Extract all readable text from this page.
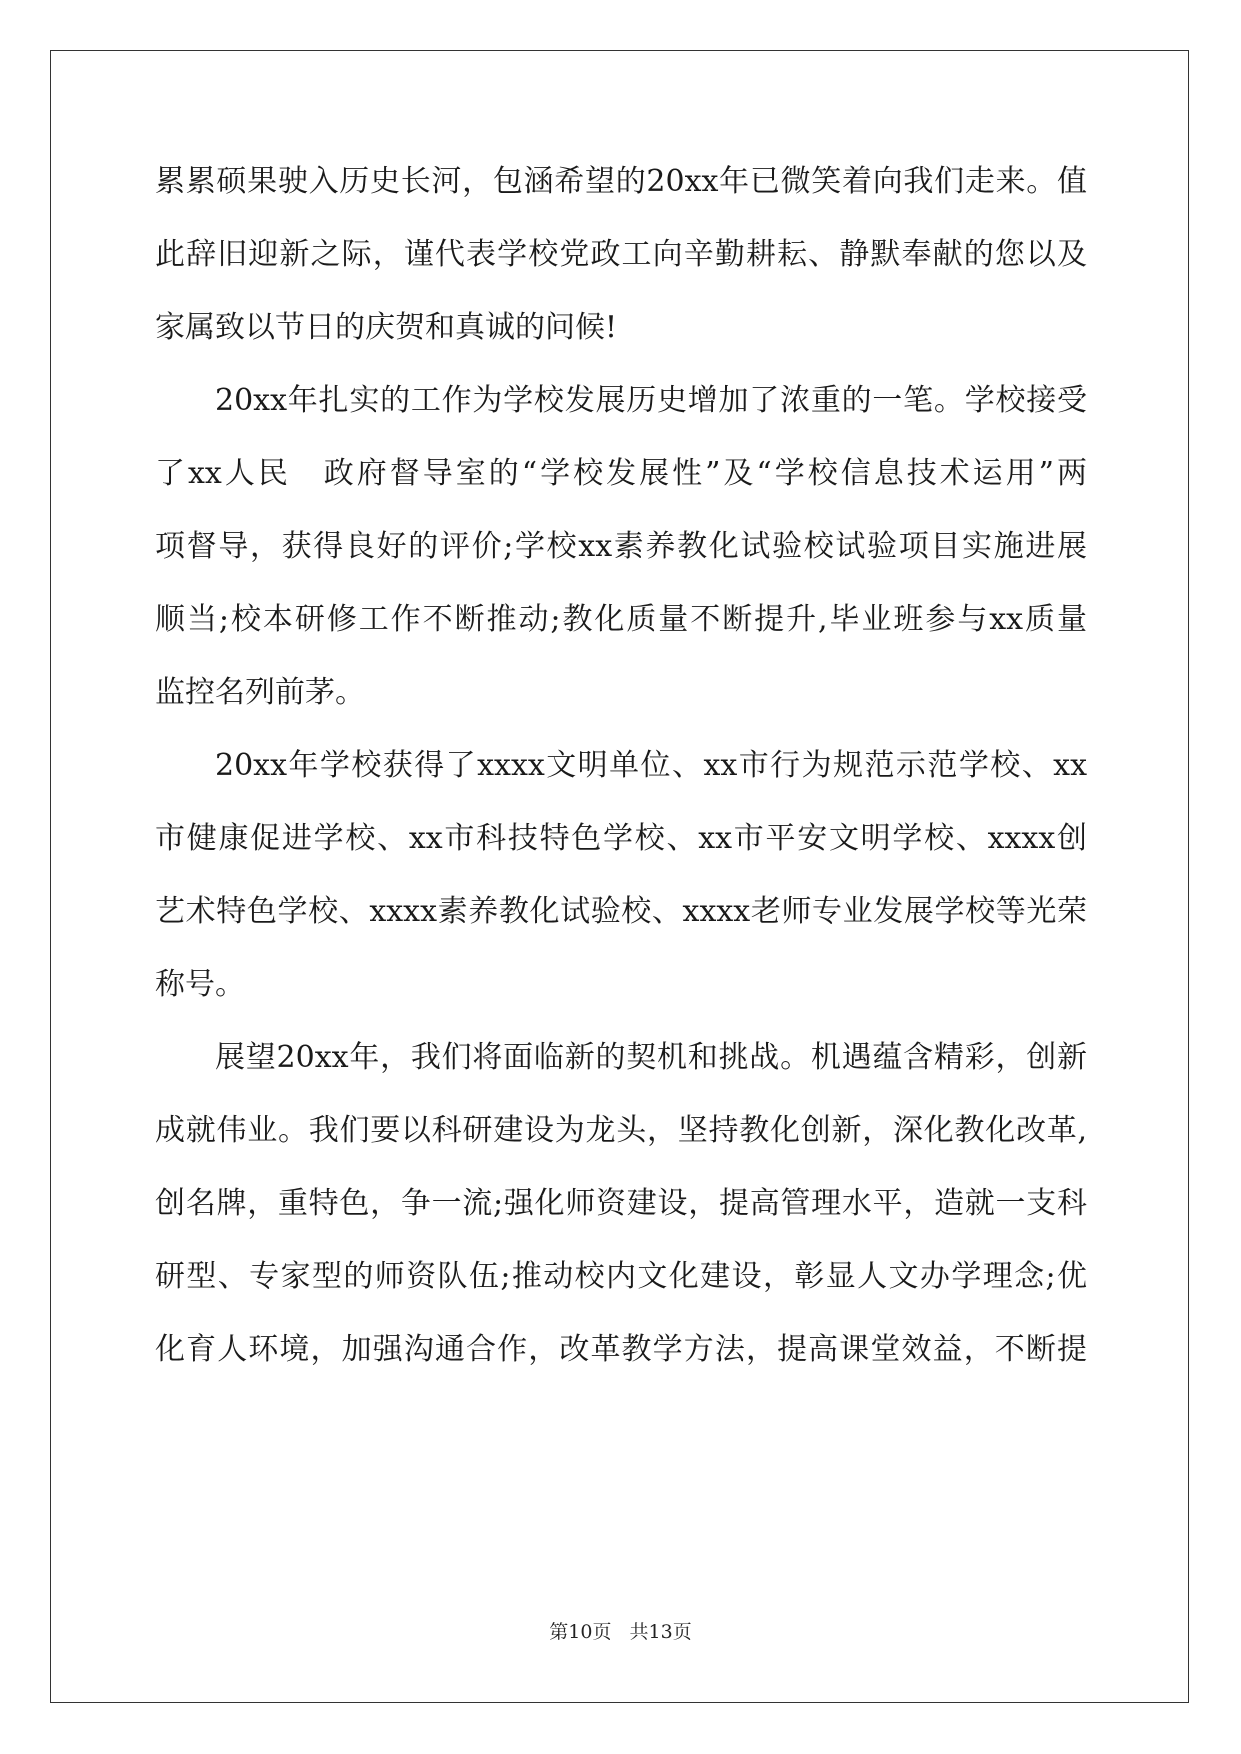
累累硕果驶入历史长河，包涵希望的20xx年已微笑着向我们走来。值
此辞旧迎新之际，谨代表学校党政工向辛勤耕耘、静默奉献的您以及
家属致以节日的庆贺和真诚的问候!
20xx年扎实的工作为学校发展历史增加了浓重的一笔。学校接受
了xx人民　政府督导室的“学校发展性”及“学校信息技术运用”两
项督导，获得良好的评价;学校xx素养教化试验校试验项目实施进展
顺当;校本研修工作不断推动;教化质量不断提升,毕业班参与xx质量
监控名列前茅。
20xx年学校获得了xxxx文明单位、xx市行为规范示范学校、xx
市健康促进学校、xx市科技特色学校、xx市平安文明学校、xxxx创
艺术特色学校、xxxx素养教化试验校、xxxx老师专业发展学校等光荣
称号。
展望20xx年，我们将面临新的契机和挑战。机遇蕴含精彩，创新
成就伟业。我们要以科研建设为龙头，坚持教化创新，深化教化改革,
创名牌，重特色，争一流;强化师资建设，提高管理水平，造就一支科
研型、专家型的师资队伍;推动校内文化建设，彰显人文办学理念;优
化育人环境，加强沟通合作，改革教学方法，提高课堂效益，不断提
第10页 共13页
